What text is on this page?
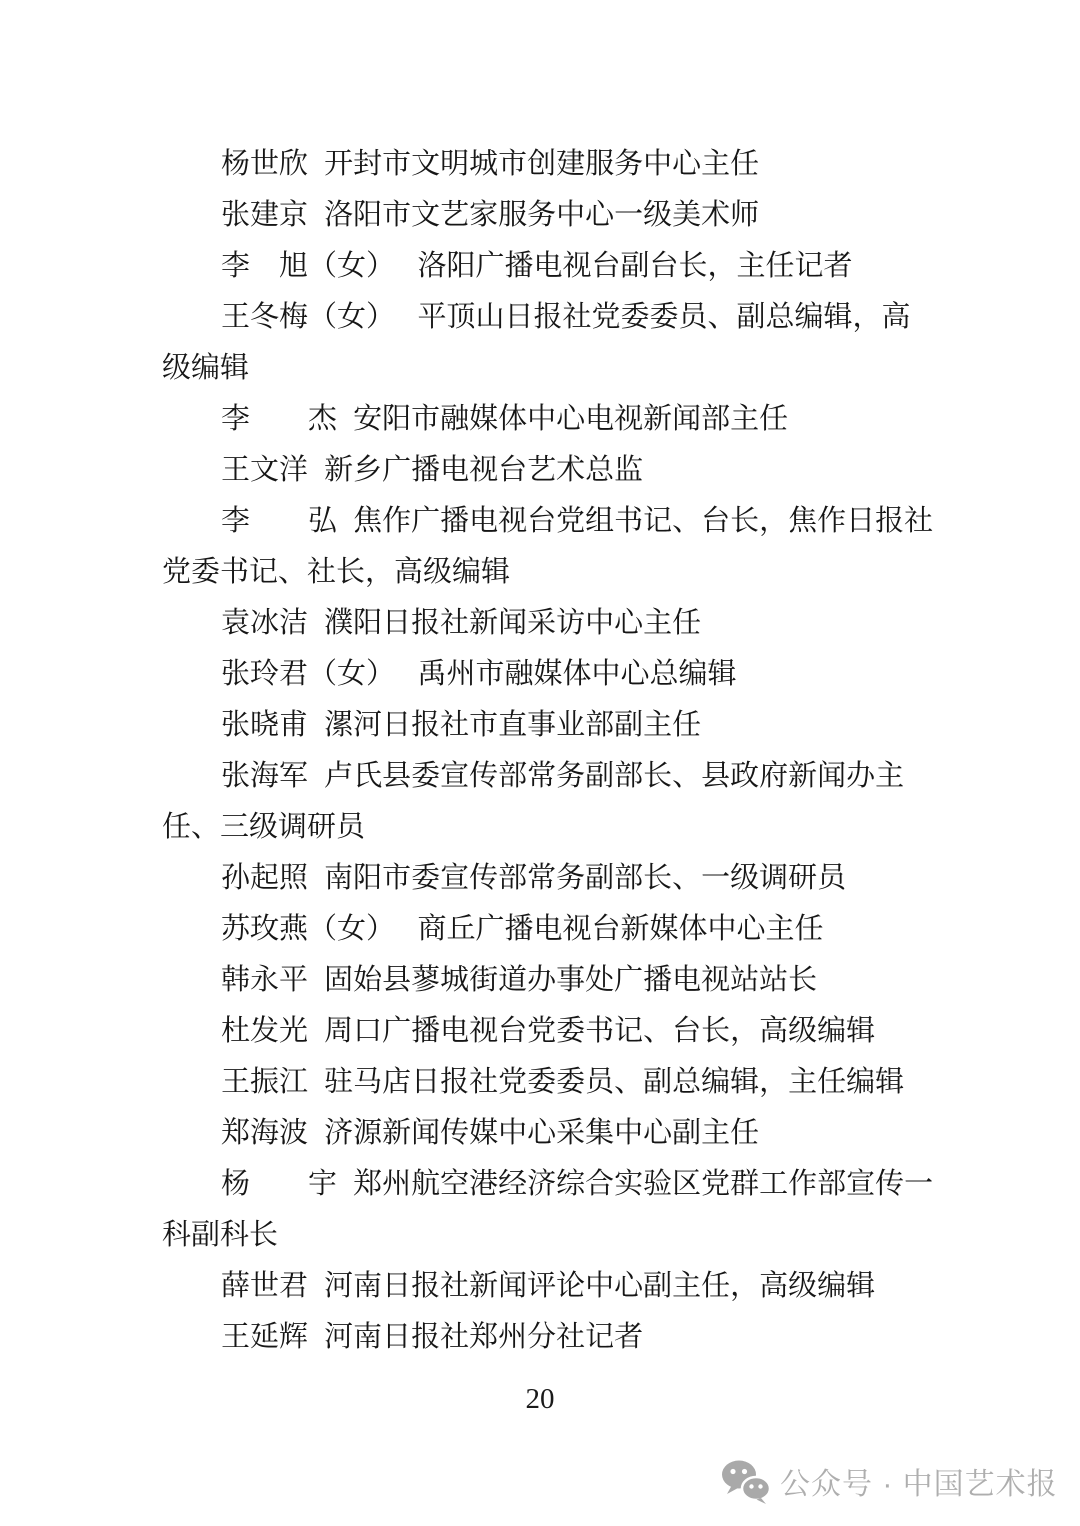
杨世欣  开封市文明城市创建服务中心主任
张建京  洛阳市文艺家服务中心一级美术师
李　旭（女）　 洛阳广播电视台副台长，主任记者
王冬梅（女）　 平顶山日报社党委委员、副总编辑，高
级编辑
李　　杰  安阳市融媒体中心电视新闻部主任
王文洋  新乡广播电视台艺术总监
李　　弘  焦作广播电视台党组书记、台长，焦作日报社
党委书记、社长，高级编辑
袁冰洁  濮阳日报社新闻采访中心主任
张玲君（女）　 禹州市融媒体中心总编辑
张晓甫  漯河日报社市直事业部副主任
张海军  卢氏县委宣传部常务副部长、县政府新闻办主
任、三级调研员
孙起照  南阳市委宣传部常务副部长、一级调研员
苏玫燕（女）　 商丘广播电视台新媒体中心主任
韩永平  固始县蓼城街道办事处广播电视站站长
杜发光  周口广播电视台党委书记、台长，高级编辑
王振江  驻马店日报社党委委员、副总编辑，主任编辑
郑海波  济源新闻传媒中心采集中心副主任
杨　　宇  郑州航空港经济综合实验区党群工作部宣传一
科副科长
薛世君  河南日报社新闻评论中心副主任，高级编辑
王延辉  河南日报社郑州分社记者
20
公众号 · 中国艺术报
